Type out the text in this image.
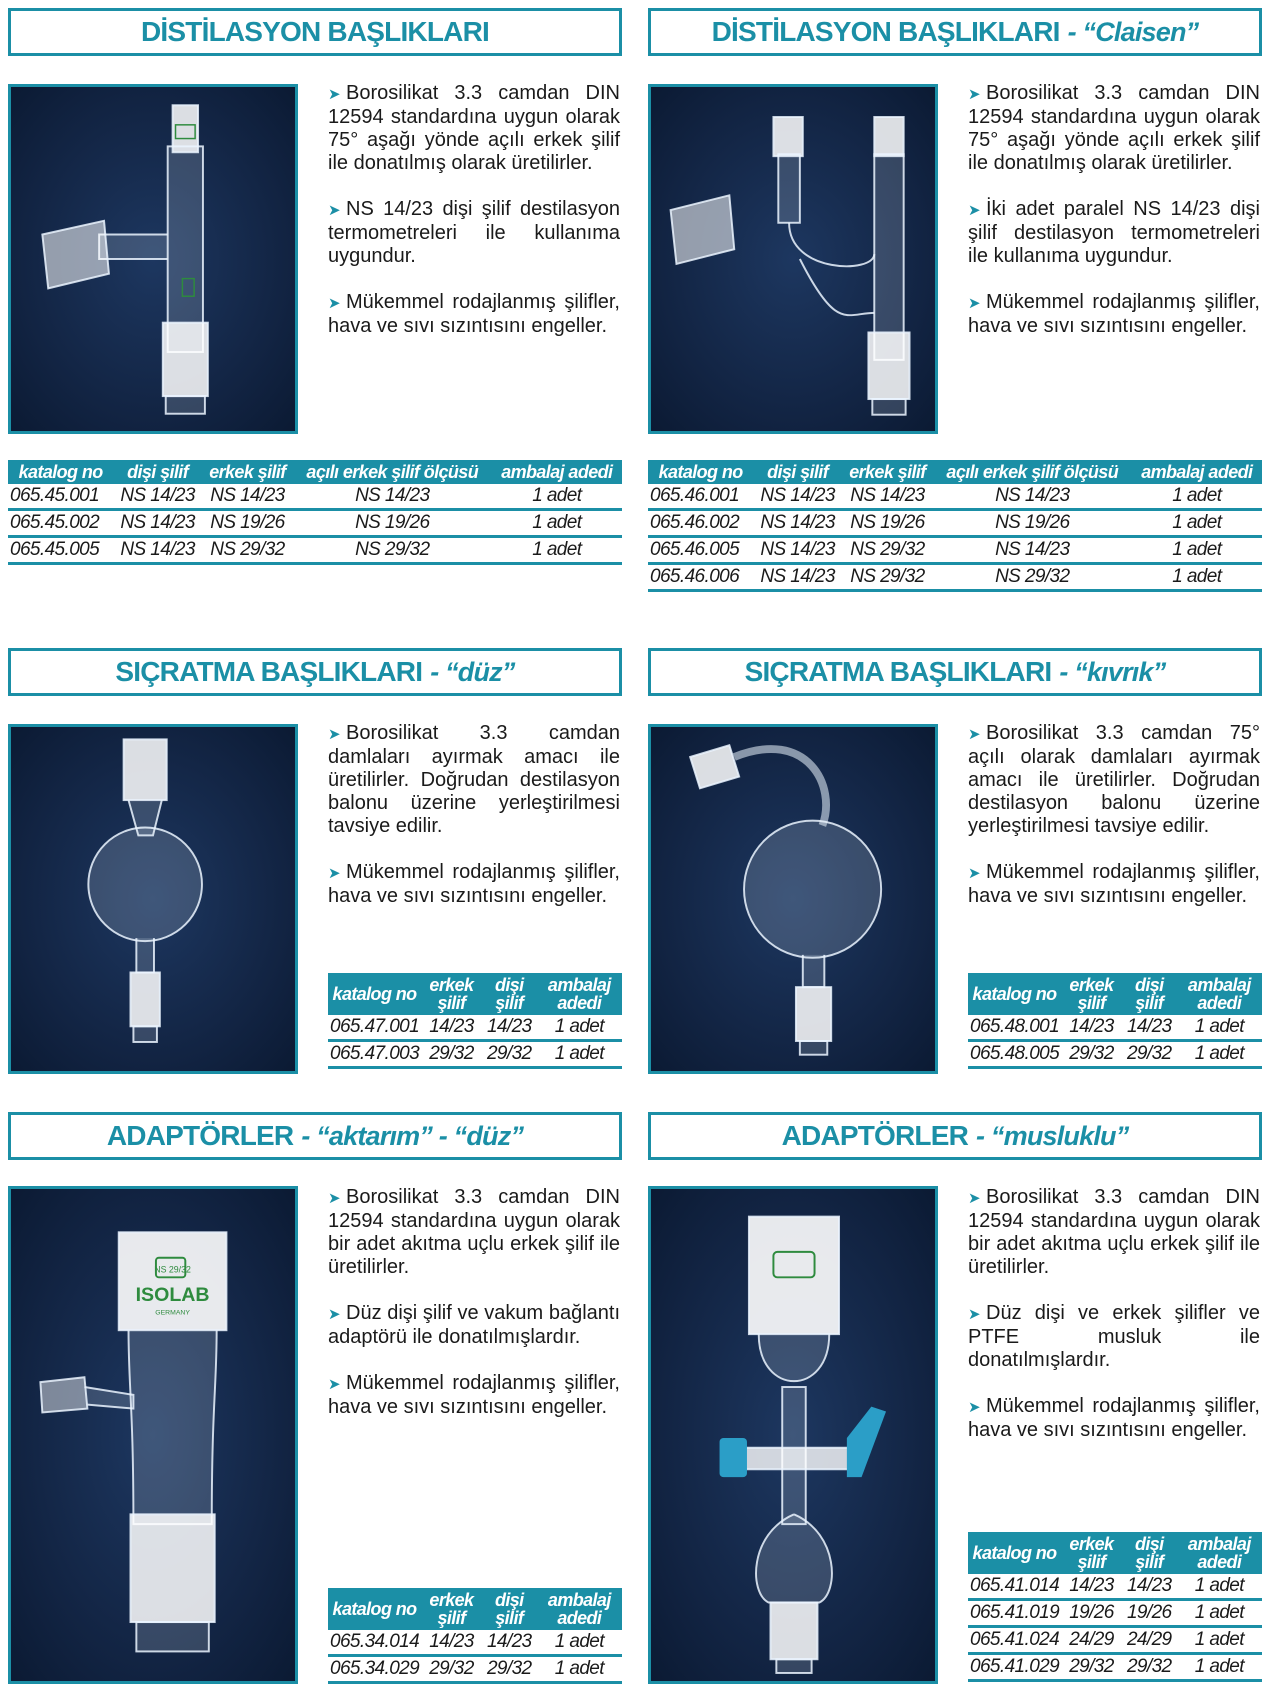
DİSTİLASYON BAŞLIKLARI

➤ Borosilikat 3.3 camdan DIN 12594 standardına uygun olarak 75° aşağı yönde açılı erkek şilif ile donatılmış olarak üretilirler.

➤ NS 14/23 dişi şilif destilasyon termometreleri ile kullanıma uygundur.

➤ Mükemmel rodajlanmış şilifler, hava ve sıvı sızıntısını engeller.

katalog no	dişi şilif	erkek şilif	açılı erkek şilif ölçüsü	ambalaj adedi
065.45.001	NS 14/23	NS 14/23	NS 14/23	1 adet
065.45.002	NS 14/23	NS 19/26	NS 19/26	1 adet
065.45.005	NS 14/23	NS 29/32	NS 29/32	1 adet
DİSTİLASYON BAŞLIKLARI - “Claisen”

➤ Borosilikat 3.3 camdan DIN 12594 standardına uygun olarak 75° aşağı yönde açılı erkek şilif ile donatılmış olarak üretilirler.

➤ İki adet paralel NS 14/23 dişi şilif destilasyon termometreleri ile kullanıma uygundur.

➤ Mükemmel rodajlanmış şilifler, hava ve sıvı sızıntısını engeller.

katalog no	dişi şilif	erkek şilif	açılı erkek şilif ölçüsü	ambalaj adedi
065.46.001	NS 14/23	NS 14/23	NS 14/23	1 adet
065.46.002	NS 14/23	NS 19/26	NS 19/26	1 adet
065.46.005	NS 14/23	NS 29/32	NS 14/23	1 adet
065.46.006	NS 14/23	NS 29/32	NS 29/32	1 adet
SIÇRATMA BAŞLIKLARI - “düz”

➤ Borosilikat 3.3 camdan damlaları ayırmak amacı ile üretilirler. Doğrudan destilasyon balonu üzerine yerleştirilmesi tavsiye edilir.

➤ Mükemmel rodajlanmış şilifler, hava ve sıvı sızıntısını engeller.

katalog no	erkek şilif	dişi şilif	ambalaj adedi
065.47.001	14/23	14/23	1 adet
065.47.003	29/32	29/32	1 adet
SIÇRATMA BAŞLIKLARI - “kıvrık”

➤ Borosilikat 3.3 camdan 75° açılı olarak damlaları ayırmak amacı ile üretilirler. Doğrudan destilasyon balonu üzerine yerleştirilmesi tavsiye edilir.

➤ Mükemmel rodajlanmış şilifler, hava ve sıvı sızıntısını engeller.

katalog no	erkek şilif	dişi şilif	ambalaj adedi
065.48.001	14/23	14/23	1 adet
065.48.005	29/32	29/32	1 adet
ADAPTÖRLER - “aktarım” - “düz”
NS 29/32
ISOLAB
GERMANY

➤ Borosilikat 3.3 camdan DIN 12594 standardına uygun olarak bir adet akıtma uçlu erkek şilif ile üretilirler.

➤ Düz dişi şilif ve vakum bağlantı adaptörü ile donatılmışlardır.

➤ Mükemmel rodajlanmış şilifler, hava ve sıvı sızıntısını engeller.

katalog no	erkek şilif	dişi şilif	ambalaj adedi
065.34.014	14/23	14/23	1 adet
065.34.029	29/32	29/32	1 adet
ADAPTÖRLER - “musluklu”

➤ Borosilikat 3.3 camdan DIN 12594 standardına uygun olarak bir adet akıtma uçlu erkek şilif ile üretilirler.

➤ Düz dişi ve erkek şilifler ve PTFE musluk ile donatılmışlardır.

➤ Mükemmel rodajlanmış şilifler, hava ve sıvı sızıntısını engeller.

katalog no	erkek şilif	dişi şilif	ambalaj adedi
065.41.014	14/23	14/23	1 adet
065.41.019	19/26	19/26	1 adet
065.41.024	24/29	24/29	1 adet
065.41.029	29/32	29/32	1 adet
